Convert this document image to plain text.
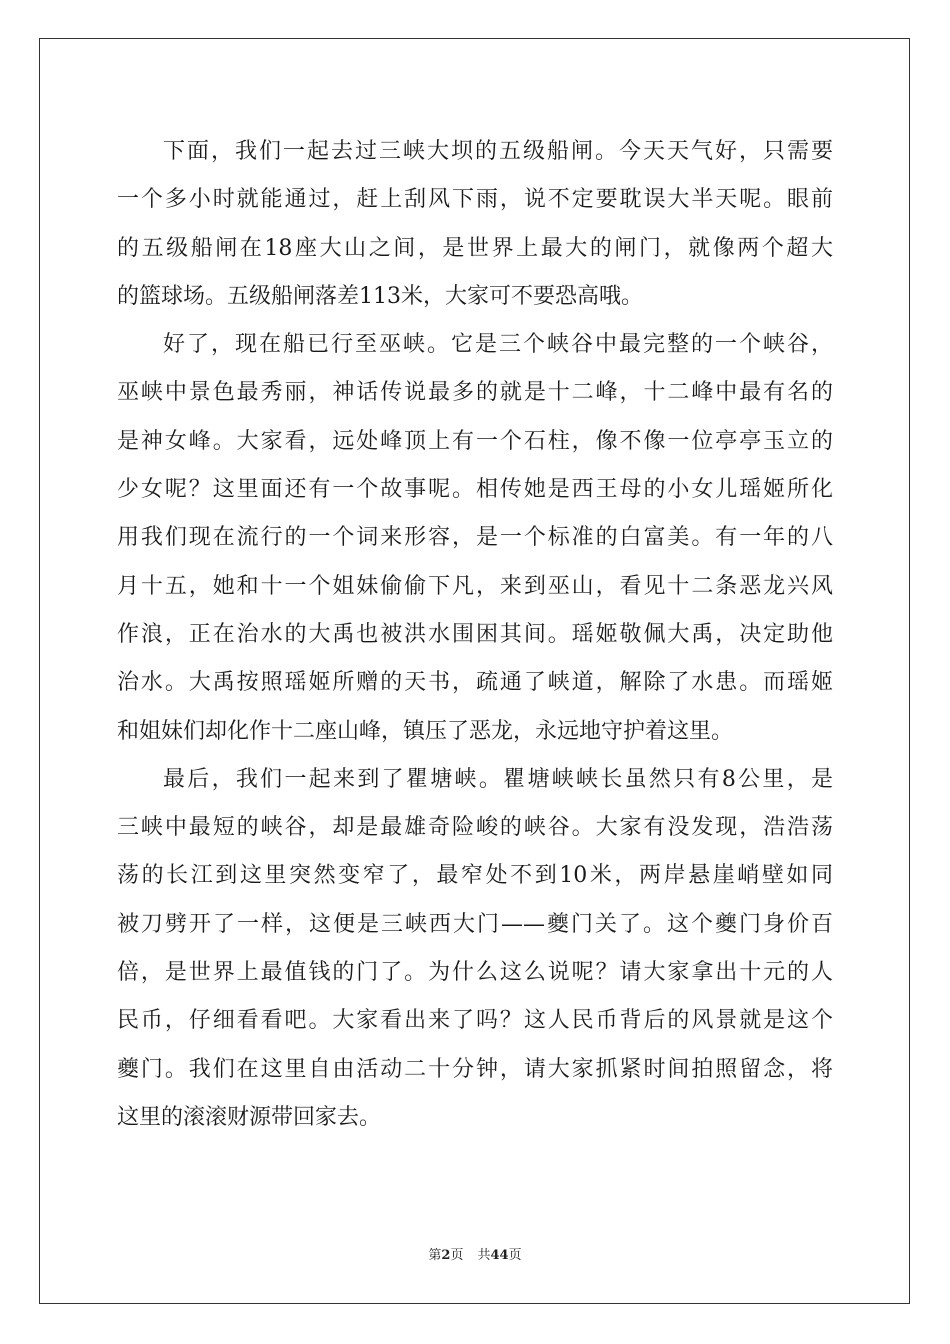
下面，我们一起去过三峡大坝的五级船闸。今天天气好，只需要
一个多小时就能通过，赶上刮风下雨，说不定要耽误大半天呢。眼前
的五级船闸在18座大山之间，是世界上最大的闸门，就像两个超大
的篮球场。五级船闸落差113米，大家可不要恐高哦。
好了，现在船已行至巫峡。它是三个峡谷中最完整的一个峡谷，
巫峡中景色最秀丽，神话传说最多的就是十二峰，十二峰中最有名的
是神女峰。大家看，远处峰顶上有一个石柱，像不像一位亭亭玉立的
少女呢？这里面还有一个故事呢。相传她是西王母的小女儿瑶姬所化
用我们现在流行的一个词来形容，是一个标准的白富美。有一年的八
月十五，她和十一个姐妹偷偷下凡，来到巫山，看见十二条恶龙兴风
作浪，正在治水的大禹也被洪水围困其间。瑶姬敬佩大禹，决定助他
治水。大禹按照瑶姬所赠的天书，疏通了峡道，解除了水患。而瑶姬
和姐妹们却化作十二座山峰，镇压了恶龙，永远地守护着这里。
最后，我们一起来到了瞿塘峡。瞿塘峡峡长虽然只有8公里，是
三峡中最短的峡谷，却是最雄奇险峻的峡谷。大家有没发现，浩浩荡
荡的长江到这里突然变窄了，最窄处不到10米，两岸悬崖峭壁如同
被刀劈开了一样，这便是三峡西大门——夔门关了。这个夔门身价百
倍，是世界上最值钱的门了。为什么这么说呢？请大家拿出十元的人
民币，仔细看看吧。大家看出来了吗？这人民币背后的风景就是这个
夔门。我们在这里自由活动二十分钟，请大家抓紧时间拍照留念，将
这里的滚滚财源带回家去。
第2页 共44页
